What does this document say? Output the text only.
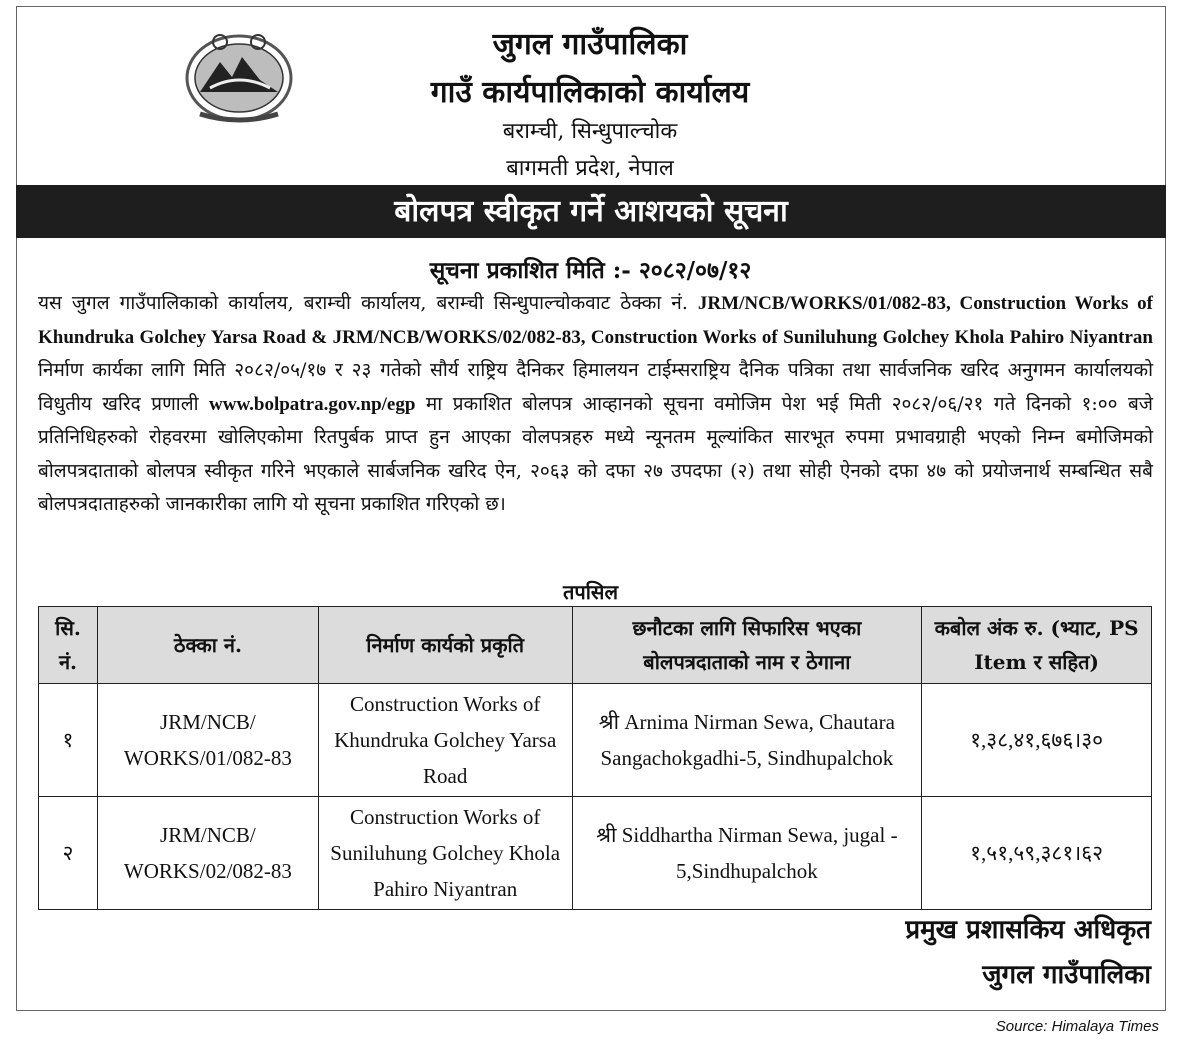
जुगल गाउँपालिका
गाउँ कार्यपालिकाको कार्यालय
बराम्ची, सिन्धुपाल्चोक
बागमती प्रदेश, नेपाल
बोलपत्र स्वीकृत गर्ने आशयको सूचना
सूचना प्रकाशित मिति :- २०८२/०७/१२
यस जुगल गाउँपालिकाको कार्यालय, बराम्ची कार्यालय, बराम्ची सिन्धुपाल्चोकवाट ठेक्का नं. JRM/NCB/WORKS/01/082-83, Construction Works of Khundruka Golchey Yarsa Road & JRM/NCB/WORKS/02/082-83, Construction Works of Suniluhung Golchey Khola Pahiro Niyantran निर्माण कार्यका लागि मिति २०८२/०५/१७ र २३ गतेको सौर्य राष्ट्रिय दैनिकर हिमालयन टाईम्सराष्ट्रिय दैनिक पत्रिका तथा सार्वजनिक खरिद अनुगमन कार्यालयको विधुतीय खरिद प्रणाली www.bolpatra.gov.np/egp मा प्रकाशित बोलपत्र आव्हानको सूचना वमोजिम पेश भई मिती २०८२/०६/२१ गते दिनको १:०० बजे प्रतिनिधिहरुको रोहवरमा खोलिएकोमा रितपुर्बक प्राप्त हुन आएका वोलपत्रहरु मध्ये न्यूनतम मूल्यांकित सारभूत रुपमा प्रभावग्राही भएको निम्न बमोजिमको बोलपत्रदाताको बोलपत्र स्वीकृत गरिने भएकाले सार्बजनिक खरिद ऐन, २०६३ को दफा २७ उपदफा (२) तथा सोही ऐनको दफा ४७ को प्रयोजनार्थ सम्बन्धित सबै बोलपत्रदाताहरुको जानकारीका लागि यो सूचना प्रकाशित गरिएको छ।
तपसिल
सि. नं.	ठेक्का नं.	निर्माण कार्यको प्रकृति	छनौटका लागि सिफारिस भएका बोलपत्रदाताको नाम र ठेगाना	कबोल अंक रु. (भ्याट, PS Item र सहित)
१	JRM/NCB/ WORKS/01/082-83	Construction Works of Khundruka Golchey Yarsa Road	श्री Arnima Nirman Sewa, Chautara Sangachokgadhi-5, Sindhupalchok	१,३८,४१,६७६।३०
२	JRM/NCB/ WORKS/02/082-83	Construction Works of Suniluhung Golchey Khola Pahiro Niyantran	श्री Siddhartha Nirman Sewa, jugal - 5,Sindhupalchok	१,५१,५९,३८१।६२
प्रमुख प्रशासकिय अधिकृत
जुगल गाउँपालिका
Source: Himalaya Times
